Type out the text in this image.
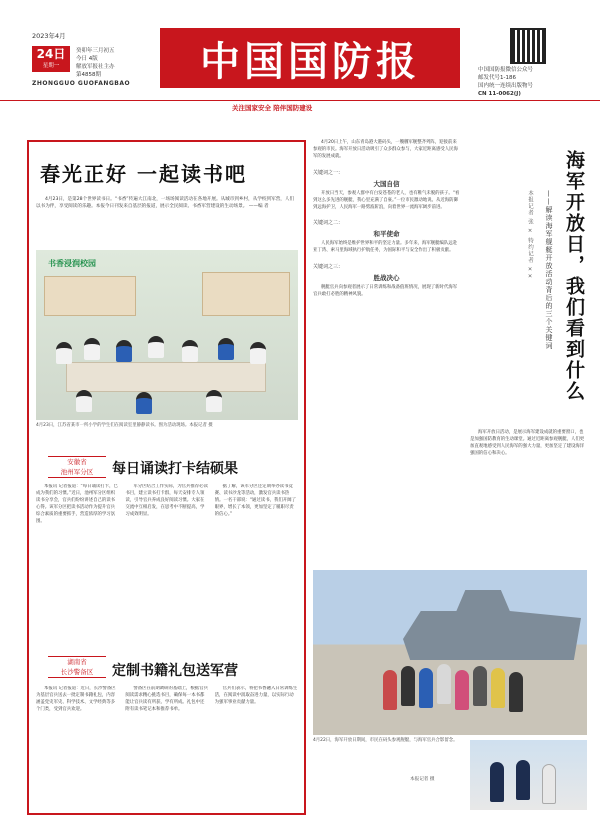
2023年4月
24日
星期一
癸卯年三月初五
今日 4版
解放军报社主办
第4858期
ZHONGGUO GUOFANGBAO	中国国防报	中国国防报微信公众号
邮发代号1-186
国内统一连续出版物号
CN 11-0062(J)
关注国家安全 陪伴国防建设
春光正好 一起读书吧
4月23日，是第28个世界读书日。“书香”传遍大江南北，一场场阅读活动在各地开展。从城市到乡村，从学校到军营，人们以书为伴，享受阅读的乐趣。本报今日刊发来自基层的报道，展示全民阅读、书香军营建设的生动场景。 ——编 者
书香浸润校园
4月23日，江苏省某市一所小学的学生们在阅读室里静静读书。图为活动现场。本报记者 摄
安徽省
池州军分区	每日诵读打卡结硕果
本报讯 记者报道：“每日诵读打卡，已成为我们的习惯。”近日，池州军分区组织读书分享会，官兵们纷纷讲述自己的读书心得。该军分区把读书活动作为提升官兵综合素质的重要抓手，营造浓厚的学习氛围。
军分区结合工作实际，为官兵推荐必读书目，建立读书打卡群，每天安排专人领读，引导官兵养成良好阅读习惯。大家在交流中互相启发，在思考中不断提高，学习成效明显。
据了解，该军分区还定期举办读书竞赛、读书沙龙等活动，激发官兵读书热情。一名干部说：“通过读书，我们开阔了眼界，增长了本领，更加坚定了履职尽责的信心。”
湖南省
长沙警备区	定制书籍礼包送军营
本报讯 记者报道：近日，长沙警备区为基层官兵送去一批定制书籍礼包，内容涵盖党史军史、科学技术、文学经典等多个门类，受到官兵欢迎。
警备区在前期调研的基础上，根据官兵阅读需求精心挑选书目，确保每一本书都能让官兵读有所获、学有所成。礼包中还附有读书笔记本和推荐书单。
官兵们表示，将把书香融入日常训练生活，在阅读中汲取奋进力量，以实际行动为强军事业贡献力量。
4月20日上午，山东青岛港大港码头，一艘艘军舰整齐列阵，迎接前来参观的市民。海军开放日活动吸引了众多群众参与，大家近距离感受人民海军的发展成就。
关键词之一：
大国自信
开放日当天，参观人群中有白发苍苍的老人，也有稚气未脱的孩子。“看到这么多先进的舰艇，我心里充满了自豪。”一位市民激动地说。从近海防御到远海护卫，人民海军一路劈波斩浪，向着世界一流海军阔步前进。
关键词之二：
和平使命
人民海军始终是维护世界和平的坚定力量。多年来，海军舰艇编队远赴亚丁湾、索马里海域执行护航任务，为国际和平与安全作出了积极贡献。
关键词之三：
胜战决心
舰艇官兵向参观者展示了日常训练和战备值班情况，展现了新时代海军官兵敢打必胜的精神风貌。	海军开放日，我们看到什么
——解读海军舰艇开放活动背后的三个关键词
本报记者 张 × 特约记者 ××
海军开放日活动，是展示海军建设成就的重要窗口，也是加强国防教育的生动课堂。通过近距离参观舰艇，人们更加直观地感受到人民海军的强大力量，更加坚定了建设海洋强国的信心和决心。
4月22日，海军开放日期间，市民在码头参观舰艇，与海军官兵合影留念。
本报记者 摄
